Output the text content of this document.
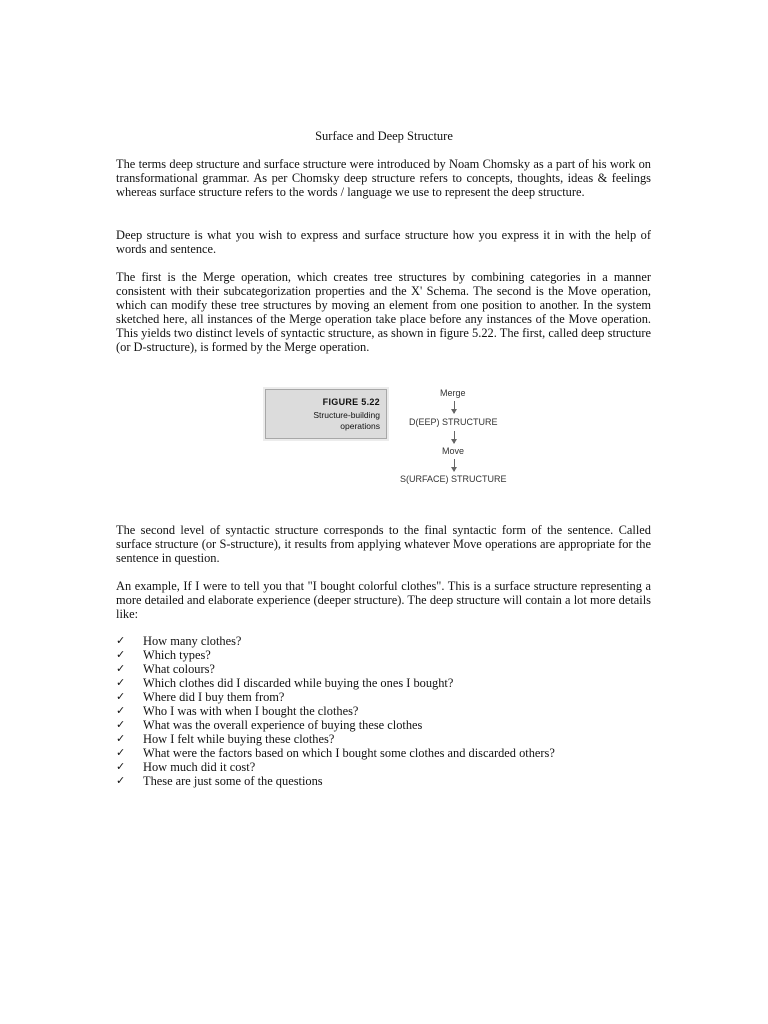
Surface and Deep Structure

The terms deep structure and surface structure were introduced by Noam Chomsky as a part of his work on transformational grammar. As per Chomsky deep structure refers to concepts, thoughts, ideas & feelings whereas surface structure refers to the words / language we use to represent the deep structure.

Deep structure is what you wish to express and surface structure how you express it in with the help of words and sentence.

The first is the Merge operation, which creates tree structures by combining categories in a manner consistent with their subcategorization properties and the X' Schema. The second is the Move operation, which can modify these tree structures by moving an element from one position to another. In the system sketched here, all instances of the Merge operation take place before any instances of the Move operation. This yields two distinct levels of syntactic structure, as shown in figure 5.22. The first, called deep structure (or D-structure), is formed by the Merge operation.

FIGURE 5.22
Structure-building operations
Merge
D(EEP) STRUCTURE
Move
S(URFACE) STRUCTURE

The second level of syntactic structure corresponds to the final syntactic form of the sentence. Called surface structure (or S-structure), it results from applying whatever Move operations are appropriate for the sentence in question.

An example, If I were to tell you that "I bought colorful clothes". This is a surface structure representing a more detailed and elaborate experience (deeper structure). The deep structure will contain a lot more details like:

✓ How many clothes?
✓ Which types?
✓ What colours?
✓ Which clothes did I discarded while buying the ones I bought?
✓ Where did I buy them from?
✓ Who I was with when I bought the clothes?
✓ What was the overall experience of buying these clothes
✓ How I felt while buying these clothes?
✓ What were the factors based on which I bought some clothes and discarded others?
✓ How much did it cost?
✓ These are just some of the questions
